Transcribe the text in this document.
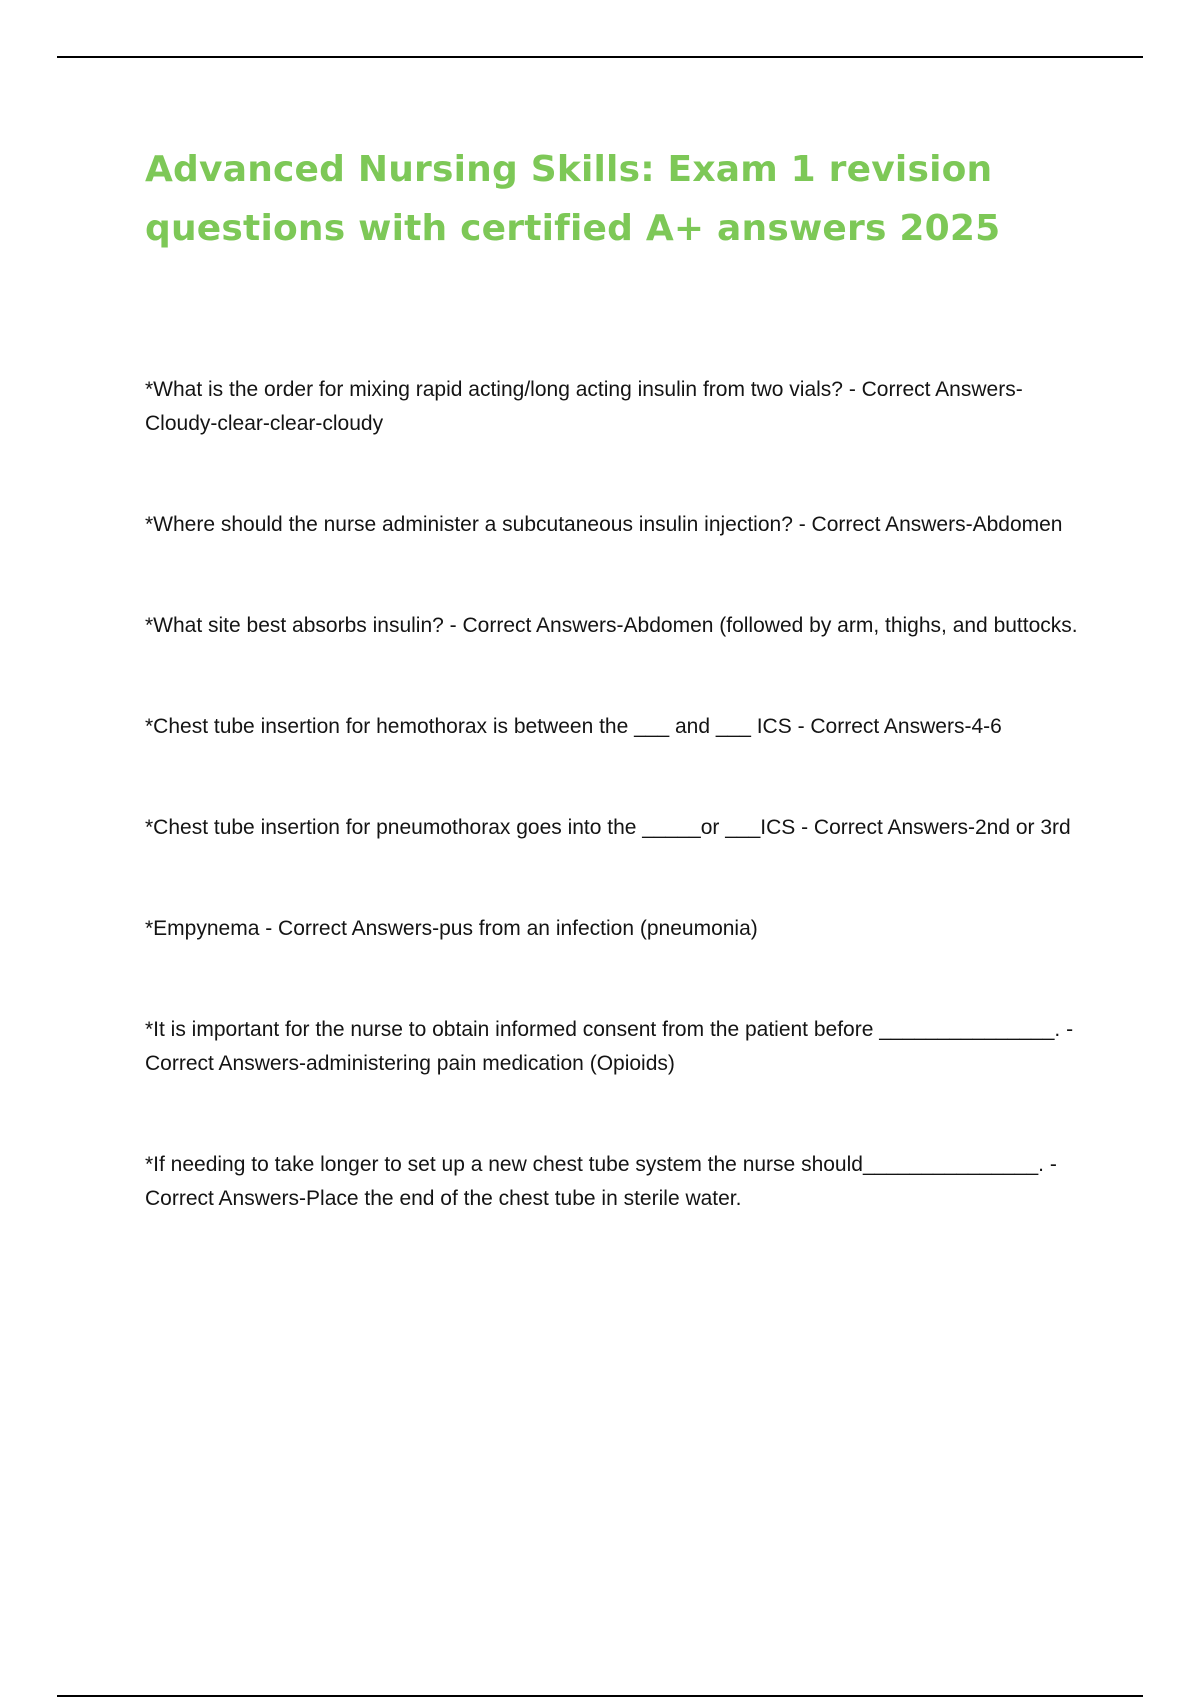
Advanced Nursing Skills: Exam 1 revision
questions with certified A+ answers 2025
*What is the order for mixing rapid acting/long acting insulin from two vials? - Correct Answers-Cloudy-clear-clear-cloudy
*Where should the nurse administer a subcutaneous insulin injection? - Correct Answers-Abdomen
*What site best absorbs insulin? - Correct Answers-Abdomen (followed by arm, thighs, and buttocks.
*Chest tube insertion for hemothorax is between the ___ and ___ ICS - Correct Answers-4-6
*Chest tube insertion for pneumothorax goes into the _____or ___ICS - Correct Answers-2nd or 3rd
*Empynema - Correct Answers-pus from an infection (pneumonia)
*It is important for the nurse to obtain informed consent from the patient before _______________. - Correct Answers-administering pain medication (Opioids)
*If needing to take longer to set up a new chest tube system the nurse should_______________. - Correct Answers-Place the end of the chest tube in sterile water.
